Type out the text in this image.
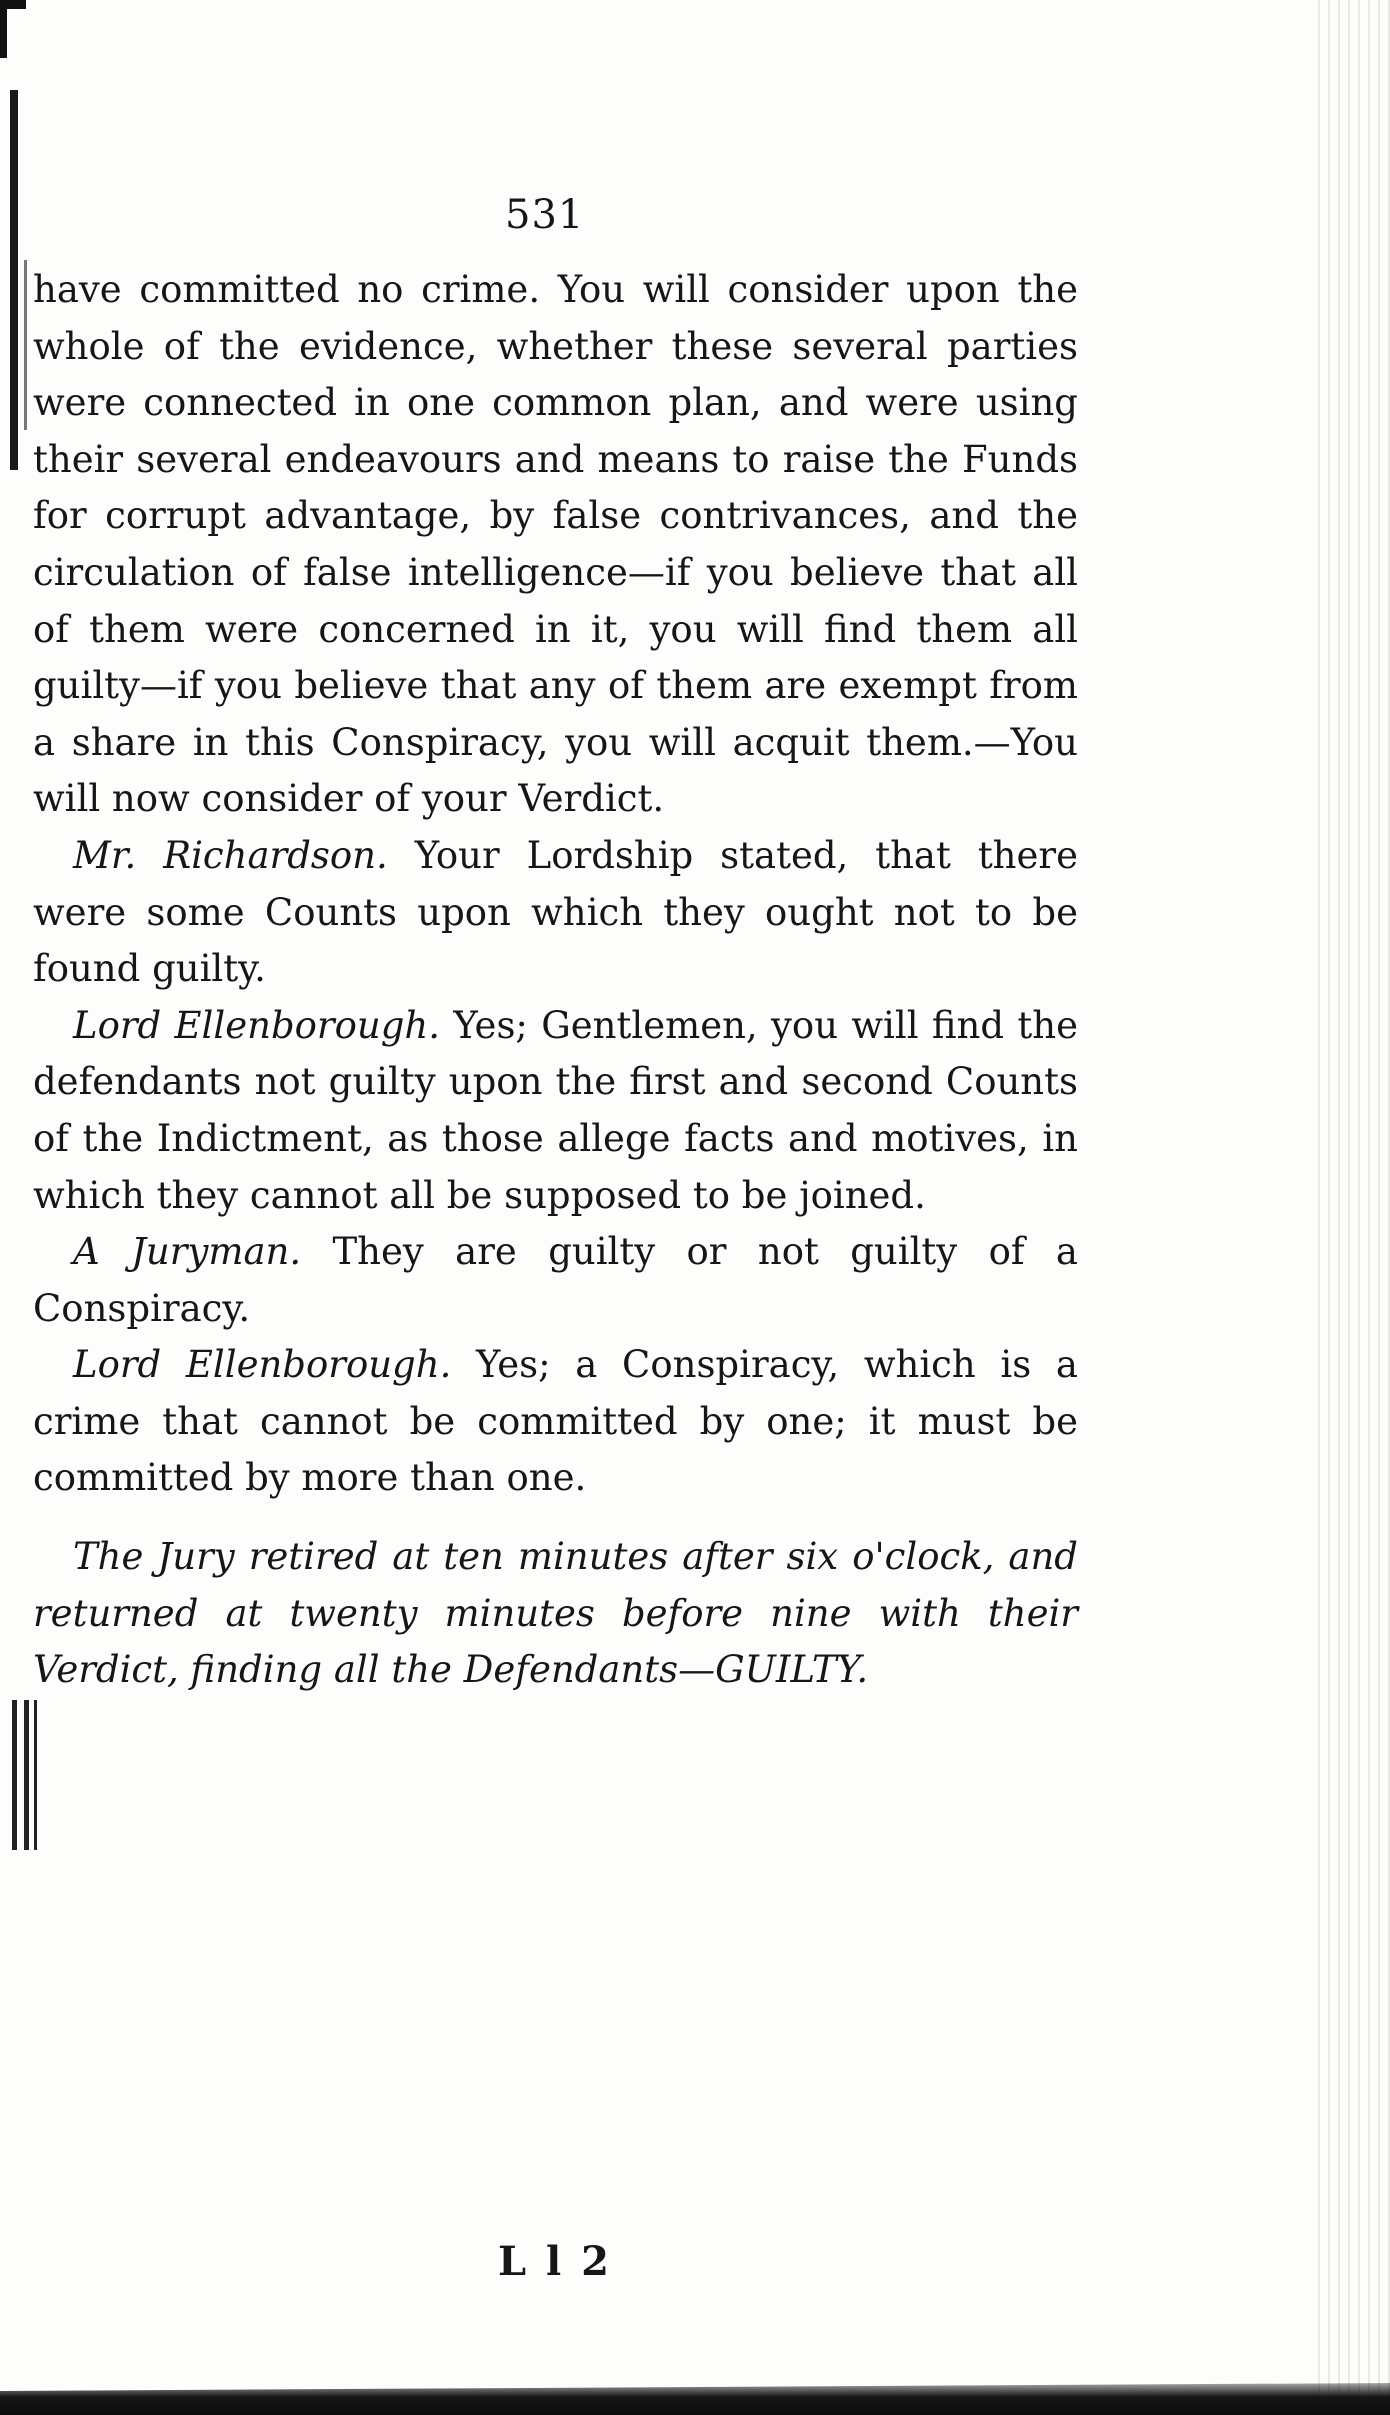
531

have committed no crime. You will consider upon the whole of the evidence, whether these several parties were connected in one common plan, and were using their several endeavours and means to raise the Funds for corrupt advantage, by false contrivances, and the circulation of false intelligence—if you believe that all of them were concerned in it, you will find them all guilty—if you believe that any of them are exempt from a share in this Conspiracy, you will acquit them.—You will now consider of your Verdict.

Mr. Richardson. Your Lordship stated, that there were some Counts upon which they ought not to be found guilty.

Lord Ellenborough. Yes; Gentlemen, you will find the defendants not guilty upon the first and second Counts of the Indictment, as those allege facts and motives, in which they cannot all be supposed to be joined.

A Juryman. They are guilty or not guilty of a Conspiracy.

Lord Ellenborough. Yes; a Conspiracy, which is a crime that cannot be committed by one; it must be committed by more than one.

The Jury retired at ten minutes after six o'clock, and returned at twenty minutes before nine with their Verdict, finding all the Defendants—GUILTY.

L l 2
